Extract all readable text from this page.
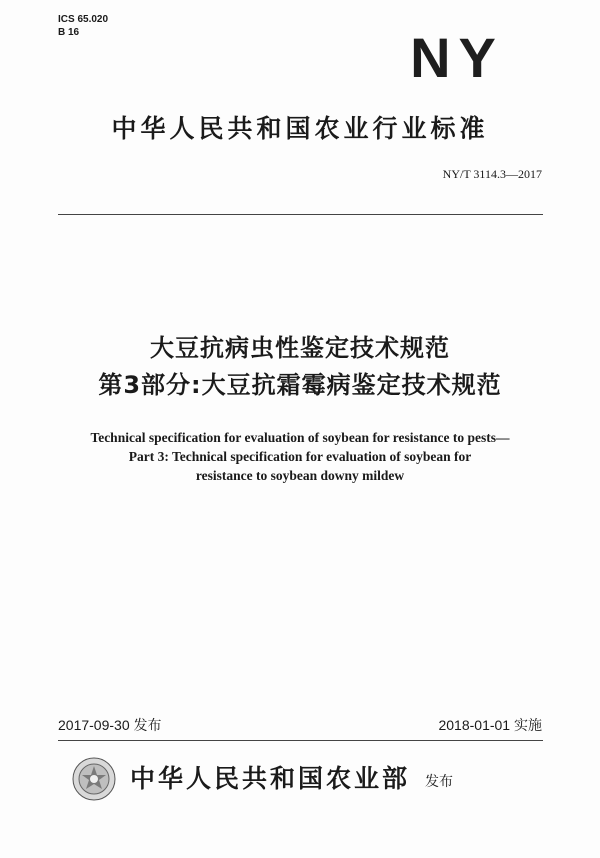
ICS 65.020
B 16	NY
中华人民共和国农业行业标准
NY/T 3114.3—2017
大豆抗病虫性鉴定技术规范
第3部分:大豆抗霜霉病鉴定技术规范
Technical specification for evaluation of soybean for resistance to pests—
Part 3: Technical specification for evaluation of soybean for
resistance to soybean downy mildew
2017-09-30 发布	2018-01-01 实施
中华人民共和国农业部 发布
